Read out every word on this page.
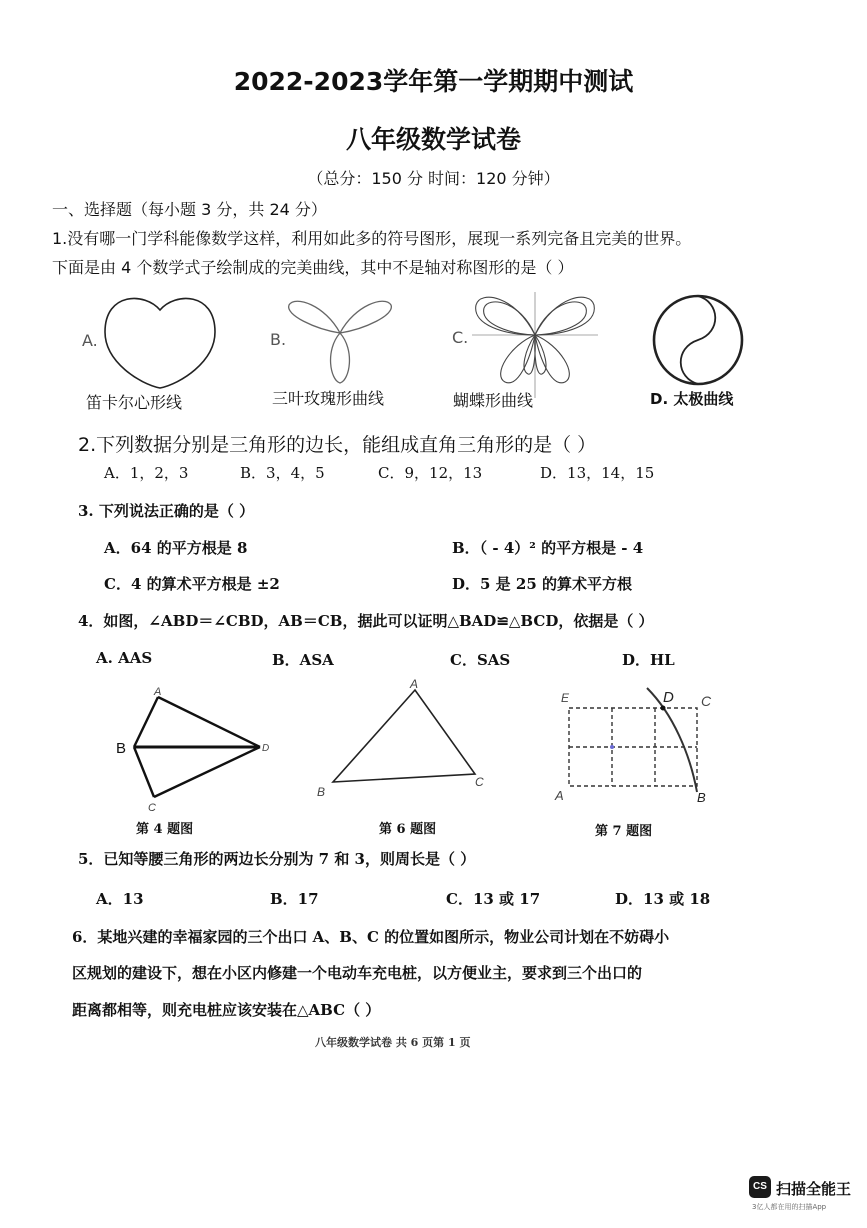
2022-2023学年第一学期期中测试
八年级数学试卷
（总分：150 分 时间：120 分钟）
一、选择题（每小题 3 分，共 24 分）
1.没有哪一门学科能像数学这样，利用如此多的符号图形，展现一系列完备且完美的世界。
下面是由 4 个数学式子绘制成的完美曲线，其中不是轴对称图形的是（ ）
A.
笛卡尔心形线
B.
三叶玫瑰形曲线
C.
蝴蝶形曲线	D. 太极曲线
2.下列数据分别是三角形的边长，能组成直角三角形的是（ ）
A．1，2，3	B．3，4，5	C．9，12，13	D．13，14，15
3. 下列说法正确的是（ ）
A．64 的平方根是 8	B．（ - 4）² 的平方根是 - 4
C．4 的算术平方根是 ±2	D．5 是 25 的算术平方根
4．如图，∠ABD＝∠CBD，AB＝CB，据此可以证明△BAD≌△BCD，依据是（ ）
A. AAS	B．ASA	C．SAS	D．HL
A
B
C
D
第 4 题图
A
B
C
第 6 题图
E	D C
A	B
第 7 题图
5．已知等腰三角形的两边长分别为 7 和 3，则周长是（ ）
A．13	B．17	C．13 或 17	D．13 或 18
6．某地兴建的幸福家园的三个出口 A、B、C 的位置如图所示，物业公司计划在不妨碍小
区规划的建设下，想在小区内修建一个电动车充电桩，以方便业主，要求到三个出口的
距离都相等，则充电桩应该安装在△ABC（ ）
八年级数学试卷 共 6 页第 1 页
CS 扫描全能王
3亿人都在用的扫描App
